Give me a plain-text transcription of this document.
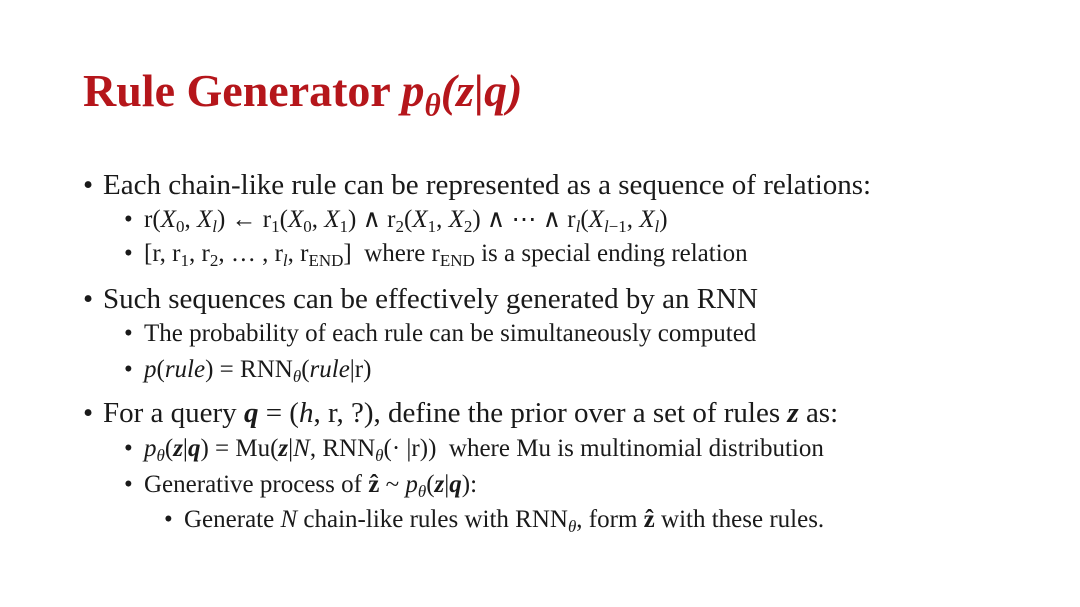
Rule Generator $p_\theta(z|q)$
• Each chain-like rule can be represented as a sequence of relations:
• $r(X_0$, $X_l$) ← $r_1(X_0$, $X_1$) ∧ $r_2(X_1$, $X_2$) ∧ ⋯ ∧ $r_l(X_{l-1}$, $X_l$)
• [r, $r_1$, $r_2$, … , $r_l$, $r_{END}$]  where $r_{END}$ is a special ending relation
• Such sequences can be effectively generated by an RNN
• The probability of each rule can be simultaneously computed
• p(rule) = $RNN_\theta(rule|r)$
• For a query q = (h, r, ?), define the prior over a set of rules z as:
• $p_\theta(z|q) = Mu(z|N$, $RNN_\theta(\cdot |r)$)  where Mu is multinomial distribution
• Generative process of ẑ ~ $p_\theta(z|q)$:
• Generate N chain-like rules with $RNN_\theta$, form ẑ with these rules.
